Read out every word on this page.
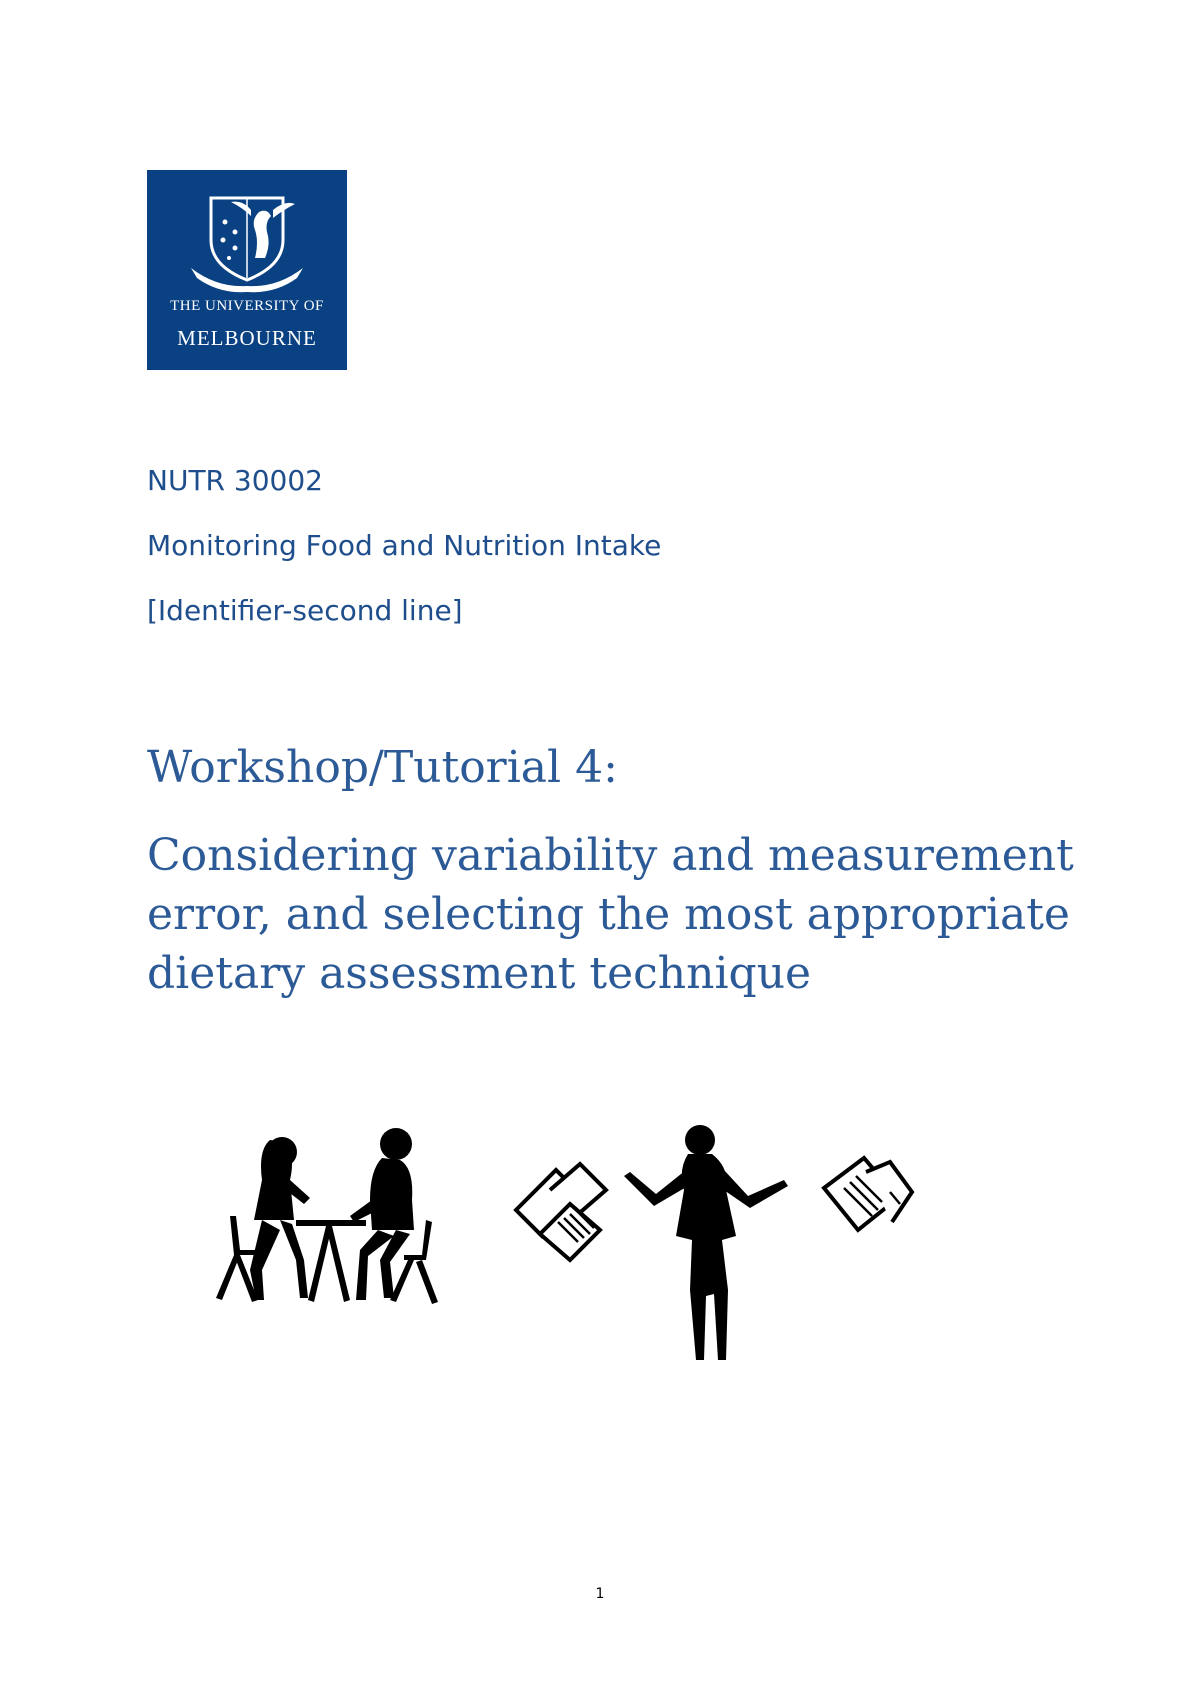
THE UNIVERSITY OF
MELBOURNE
NUTR 30002
Monitoring Food and Nutrition Intake
[Identifier-second line]
Workshop/Tutorial 4:
Considering variability and measurement error, and selecting the most appropriate dietary assessment technique
1
